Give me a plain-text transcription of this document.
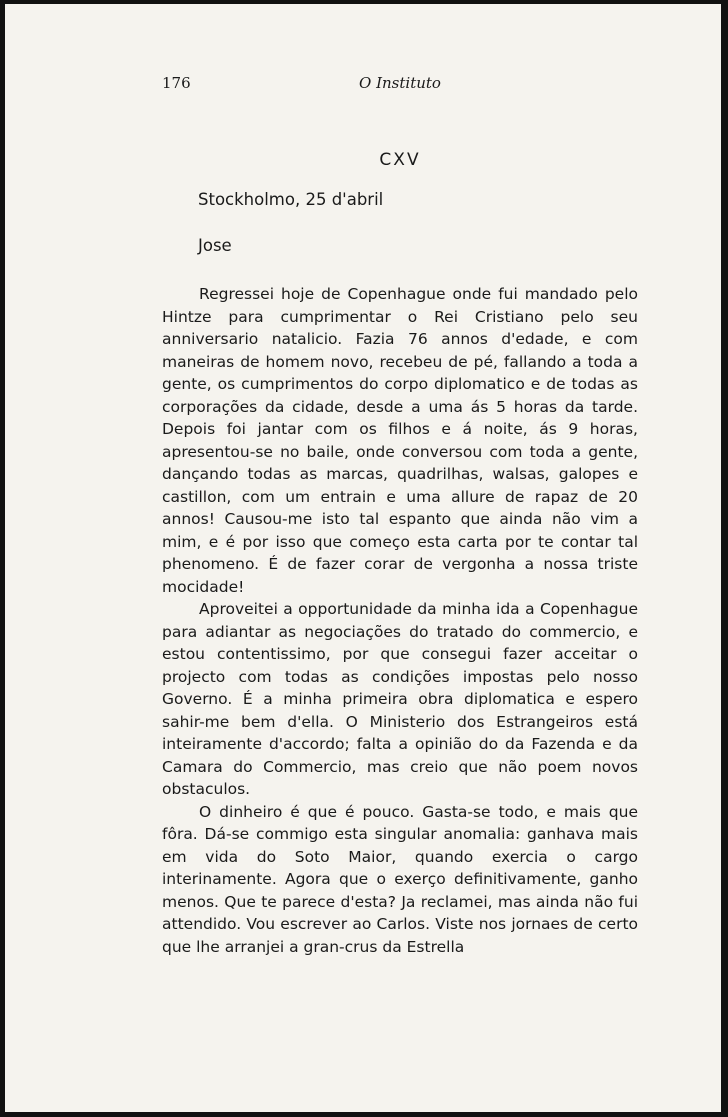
176	O Instituto
CXV
Stockholmo, 25 d'abril
Jose

Regressei hoje de Copenhague onde fui mandado pelo Hintze para cumprimentar o Rei Cristiano pelo seu anniversario natalicio. Fazia 76 annos d'edade, e com maneiras de homem novo, recebeu de pé, fallando a toda a gente, os cumprimentos do corpo diplomatico e de todas as corporações da cidade, desde a uma ás 5 horas da tarde. Depois foi jantar com os filhos e á noite, ás 9 horas, apresentou-se no baile, onde conversou com toda a gente, dançando todas as marcas, quadrilhas, walsas, galopes e castillon, com um entrain e uma allure de rapaz de 20 annos! Causou-me isto tal espanto que ainda não vim a mim, e é por isso que começo esta carta por te contar tal phenomeno. É de fazer corar de vergonha a nossa triste mocidade!

Aproveitei a opportunidade da minha ida a Copenhague para adiantar as negociações do tratado do commercio, e estou contentissimo, por que consegui fazer acceitar o projecto com todas as condições impostas pelo nosso Governo. É a minha primeira obra diplomatica e espero sahir-me bem d'ella. O Ministerio dos Estrangeiros está inteiramente d'accordo; falta a opinião do da Fazenda e da Camara do Commercio, mas creio que não poem novos obstaculos.

O dinheiro é que é pouco. Gasta-se todo, e mais que fôra. Dá-se commigo esta singular anomalia: ganhava mais em vida do Soto Maior, quando exercia o cargo interinamente. Agora que o exerço definitivamente, ganho menos. Que te parece d'esta? Ja reclamei, mas ainda não fui attendido. Vou escrever ao Carlos. Viste nos jornaes de certo que lhe arranjei a gran-crus da Estrella
